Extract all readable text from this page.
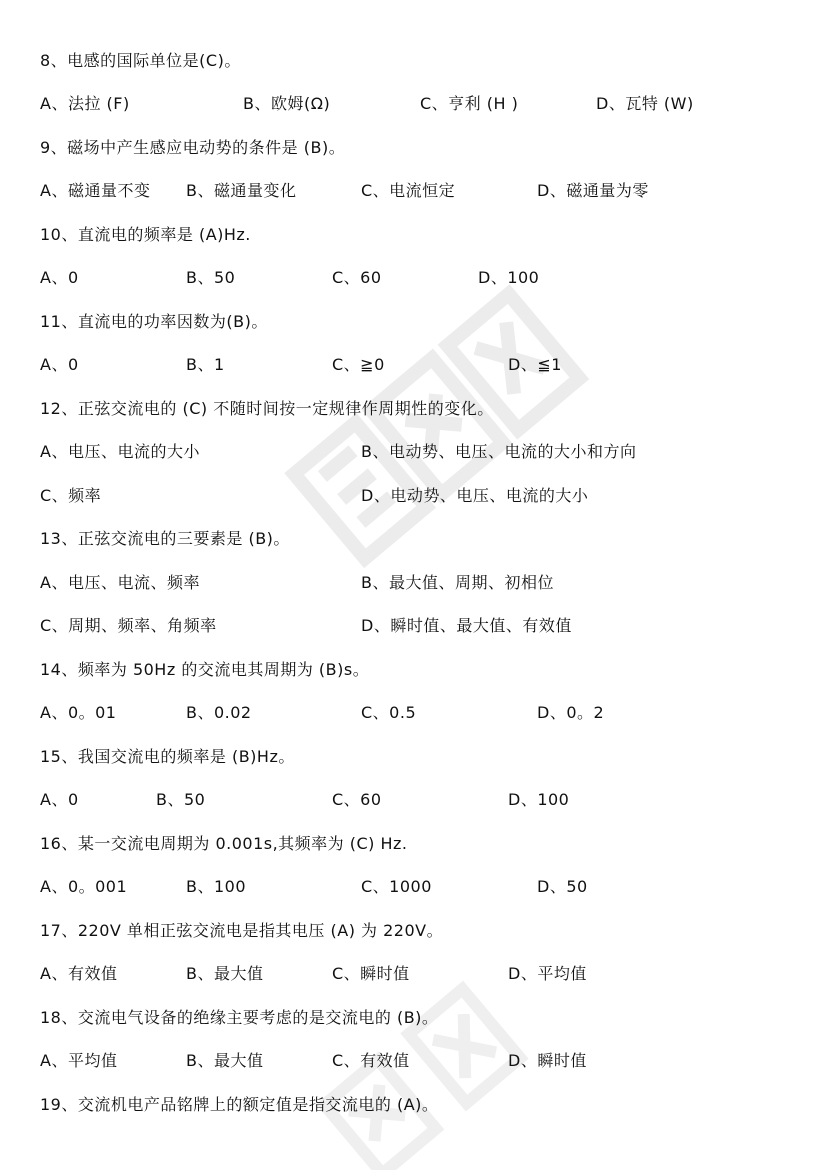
8、电感的国际单位是(C)。
A、法拉 (F)	B、欧姆(Ω)	C、亨利 (H )	D、瓦特 (W)
9、磁场中产生感应电动势的条件是 (B)。
A、磁通量不变 B、磁通量变化	C、电流恒定	D、磁通量为零
10、直流电的频率是 (A)Hz.
A、0	B、50	C、60	D、100
11、直流电的功率因数为(B)。
A、0	B、1	C、≧0	D、≦1
12、正弦交流电的 (C) 不随时间按一定规律作周期性的变化。
A、电压、电流的大小	B、电动势、电压、电流的大小和方向
C、频率	D、电动势、电压、电流的大小
13、正弦交流电的三要素是 (B)。
A、电压、电流、频率	B、最大值、周期、初相位
C、周期、频率、角频率	D、瞬时值、最大值、有效值
14、频率为 50Hz 的交流电其周期为 (B)s。
A、0。01	B、0.02	C、0.5	D、0。2
15、我国交流电的频率是 (B)Hz。
A、0	B、50	C、60	D、100
16、某一交流电周期为 0.001s,其频率为 (C) Hz.
A、0。001	B、100	C、1000	D、50
17、220V 单相正弦交流电是指其电压 (A) 为 220V。
A、有效值	B、最大值	C、瞬时值	D、平均值
18、交流电气设备的绝缘主要考虑的是交流电的 (B)。
A、平均值	B、最大值	C、有效值	D、瞬时值
19、交流机电产品铭牌上的额定值是指交流电的 (A)。
